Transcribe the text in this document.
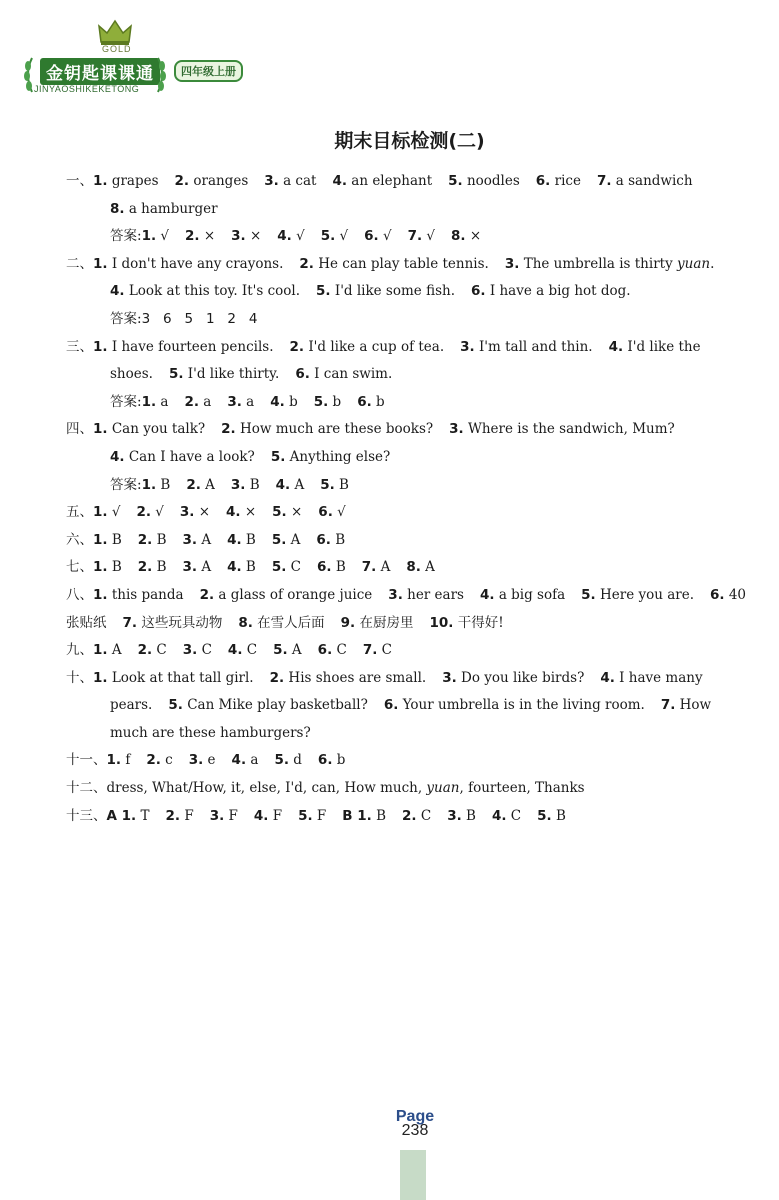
GOLD
金钥匙课课通	四年级上册
JINYAOSHIKEKETONG
期末目标检测(二)
一、1. grapes 2. oranges 3. a cat 4. an elephant 5. noodles 6. rice 7. a sandwich
8. a hamburger
答案:1. √ 2. × 3. × 4. √ 5. √ 6. √ 7. √ 8. ×
二、1. I don't have any crayons. 2. He can play table tennis. 3. The umbrella is thirty yuan.
4. Look at this toy. It's cool. 5. I'd like some fish. 6. I have a big hot dog.
答案:3   6   5   1   2   4
三、1. I have fourteen pencils. 2. I'd like a cup of tea. 3. I'm tall and thin. 4. I'd like the
shoes. 5. I'd like thirty. 6. I can swim.
答案:1. a 2. a 3. a 4. b 5. b 6. b
四、1. Can you talk? 2. How much are these books? 3. Where is the sandwich, Mum?
4. Can I have a look? 5. Anything else?
答案:1. B 2. A 3. B 4. A 5. B
五、1. √ 2. √ 3. × 4. × 5. × 6. √
六、1. B 2. B 3. A 4. B 5. A 6. B
七、1. B 2. B 3. A 4. B 5. C 6. B 7. A 8. A
八、1. this panda 2. a glass of orange juice 3. her ears 4. a big sofa 5. Here you are. 6. 40
张贴纸 7. 这些玩具动物 8. 在雪人后面 9. 在厨房里 10. 干得好!
九、1. A 2. C 3. C 4. C 5. A 6. C 7. C
十、1. Look at that tall girl. 2. His shoes are small. 3. Do you like birds? 4. I have many
pears. 5. Can Mike play basketball? 6. Your umbrella is in the living room. 7. How
much are these hamburgers?
十一、1. f 2. c 3. e 4. a 5. d 6. b
十二、dress, What/How, it, else, I'd, can, How much, yuan, fourteen, Thanks
十三、A 1. T 2. F 3. F 4. F 5. F B 1. B 2. C 3. B 4. C 5. B
Page
238
